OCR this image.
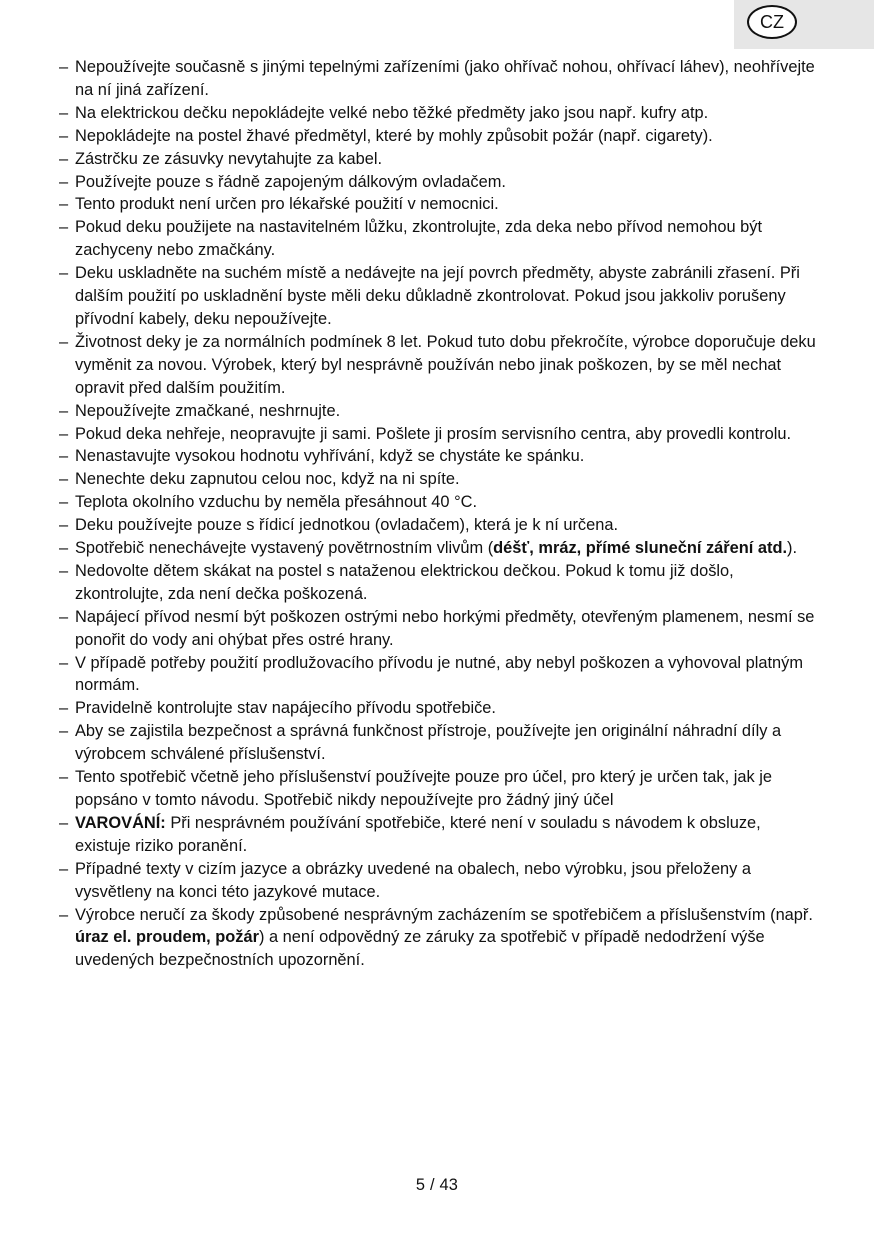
CZ
– Nepoužívejte současně s jinými tepelnými zařízeními (jako ohřívač nohou, ohřívací láhev), neohřívejte na ní jiná zařízení.
– Na elektrickou dečku nepokládejte velké nebo těžké předměty jako jsou např. kufry atp.
– Nepokládejte na postel žhavé předmětyl, které by mohly způsobit požár (např. cigarety).
– Zástrčku ze zásuvky nevytahujte za kabel.
– Používejte pouze s řádně zapojeným dálkovým ovladačem.
– Tento produkt není určen pro lékařské použití v nemocnici.
– Pokud deku použijete na nastavitelném lůžku, zkontrolujte, zda deka nebo přívod nemohou být zachyceny nebo zmačkány.
– Deku uskladněte na suchém místě a nedávejte na její povrch předměty, abyste zabránili zřasení. Při dalším použití po uskladnění byste měli deku důkladně zkontrolovat. Pokud jsou jakkoliv porušeny přívodní kabely, deku nepoužívejte.
– Životnost deky je za normálních podmínek 8 let. Pokud tuto dobu překročíte, výrobce doporučuje deku vyměnit za novou. Výrobek, který byl nesprávně používán nebo jinak poškozen, by se měl nechat opravit před dalším použitím.
– Nepoužívejte zmačkané, neshrnujte.
– Pokud deka nehřeje, neopravujte ji sami. Pošlete ji prosím servisního centra, aby provedli kontrolu.
– Nenastavujte vysokou hodnotu vyhřívání, když se chystáte ke spánku.
– Nenechte deku zapnutou celou noc, když na ni spíte.
– Teplota okolního vzduchu by neměla přesáhnout 40 °C.
– Deku používejte pouze s řídicí jednotkou (ovladačem), která je k ní určena.
– Spotřebič nenechávejte vystavený povětrnostním vlivům (déšť, mráz, přímé sluneční záření atd.).
– Nedovolte dětem skákat na postel s nataženou elektrickou dečkou. Pokud k tomu již došlo, zkontrolujte, zda není dečka poškozená.
– Napájecí přívod nesmí být poškozen ostrými nebo horkými předměty, otevřeným plamenem, nesmí se ponořit do vody ani ohýbat přes ostré hrany.
– V případě potřeby použití prodlužovacího přívodu je nutné, aby nebyl poškozen a vyhovoval platným normám.
– Pravidelně kontrolujte stav napájecího přívodu spotřebiče.
– Aby se zajistila bezpečnost a správná funkčnost přístroje, používejte jen originální náhradní díly a výrobcem schválené příslušenství.
– Tento spotřebič včetně jeho příslušenství používejte pouze pro účel, pro který je určen tak, jak je popsáno v tomto návodu. Spotřebič nikdy nepoužívejte pro žádný jiný účel
– VAROVÁNÍ: Při nesprávném používání spotřebiče, které není v souladu s návodem k obsluze, existuje riziko poranění.
– Případné texty v cizím jazyce a obrázky uvedené na obalech, nebo výrobku, jsou přeloženy a vysvětleny na konci této jazykové mutace.
– Výrobce neručí za škody způsobené nesprávným zacházením se spotřebičem a příslušenstvím (např. úraz el. proudem, požár) a není odpovědný ze záruky za spotřebič v případě nedodržení výše uvedených bezpečnostních upozornění.
5 / 43
